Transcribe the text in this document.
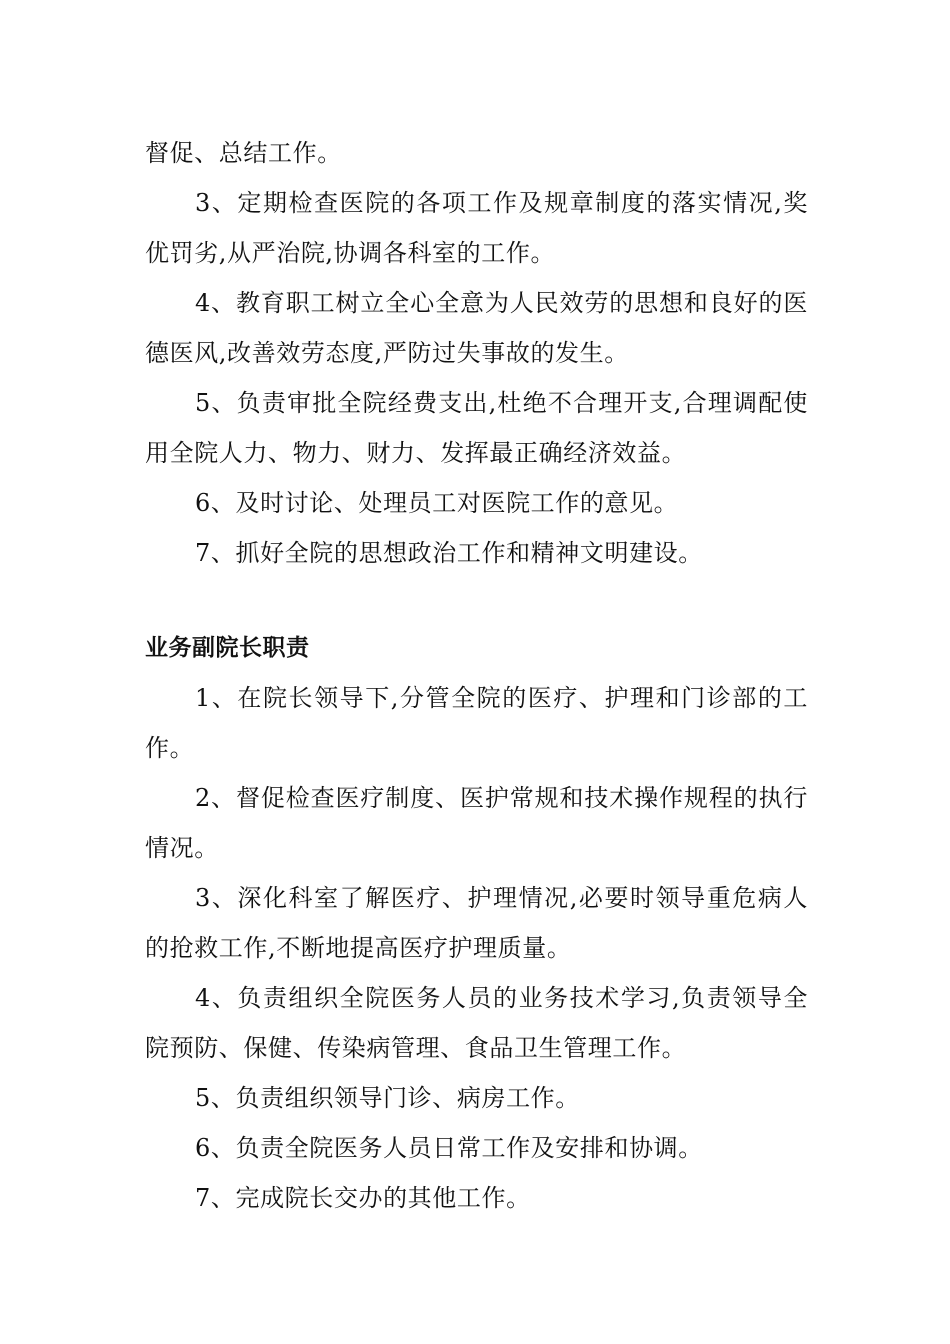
督促、总结工作。

3、定期检查医院的各项工作及规章制度的落实情况,奖优罚劣,从严治院,协调各科室的工作。

4、教育职工树立全心全意为人民效劳的思想和良好的医德医风,改善效劳态度,严防过失事故的发生。

5、负责审批全院经费支出,杜绝不合理开支,合理调配使用全院人力、物力、财力、发挥最正确经济效益。

6、及时讨论、处理员工对医院工作的意见。

7、抓好全院的思想政治工作和精神文明建设。

业务副院长职责

1、在院长领导下,分管全院的医疗、护理和门诊部的工作。

2、督促检查医疗制度、医护常规和技术操作规程的执行情况。

3、深化科室了解医疗、护理情况,必要时领导重危病人的抢救工作,不断地提高医疗护理质量。

4、负责组织全院医务人员的业务技术学习,负责领导全院预防、保健、传染病管理、食品卫生管理工作。

5、负责组织领导门诊、病房工作。

6、负责全院医务人员日常工作及安排和协调。

7、完成院长交办的其他工作。
